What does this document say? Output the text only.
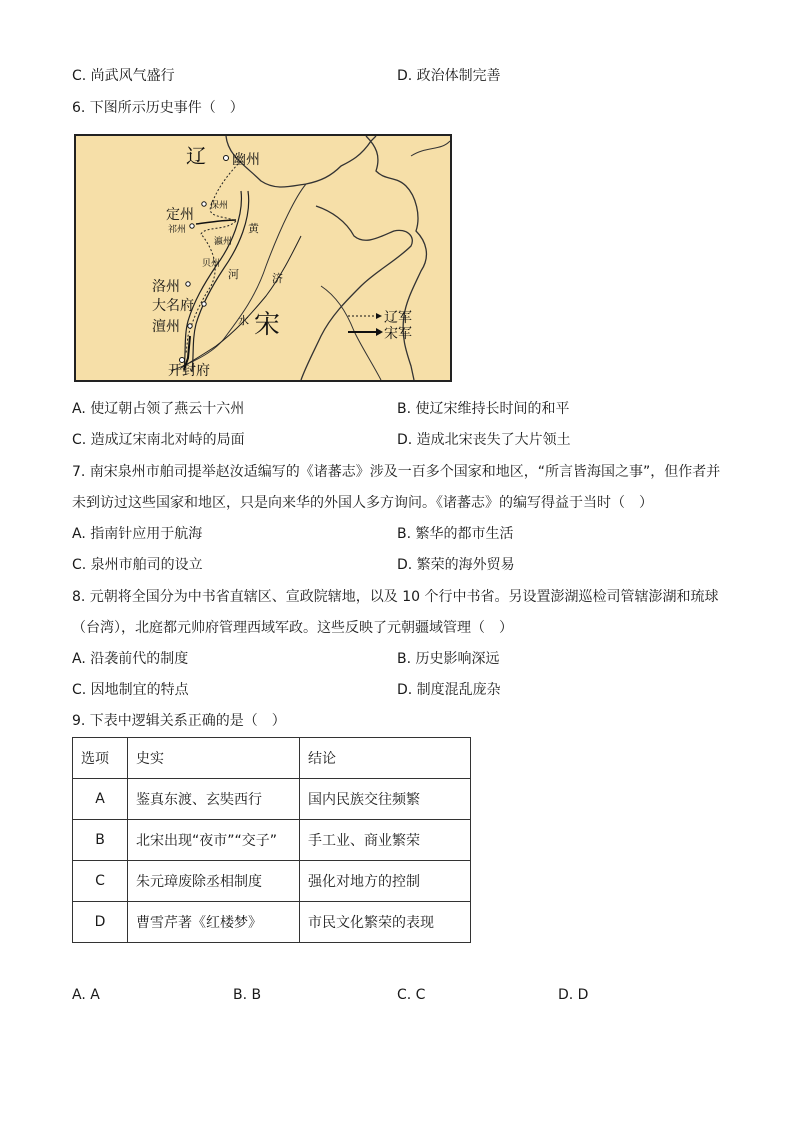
C. 尚武风气盛行	D. 政治体制完善
6. 下图所示历史事件（　）
辽 幽州
保州
定州
祁州
瀛州
黄
贝州
河	济
洛州
大名府
澶州	水 宋
开封府
辽军
宋军
A. 使辽朝占领了燕云十六州	B. 使辽宋维持长时间的和平
C. 造成辽宋南北对峙的局面	D. 造成北宋丧失了大片领土
7. 南宋泉州市舶司提举赵汝适编写的《诸蕃志》涉及一百多个国家和地区，“所言皆海国之事”，但作者并
未到访过这些国家和地区，只是向来华的外国人多方询问。《诸蕃志》的编写得益于当时（　）
A. 指南针应用于航海	B. 繁华的都市生活
C. 泉州市舶司的设立	D. 繁荣的海外贸易
8. 元朝将全国分为中书省直辖区、宣政院辖地，以及 10 个行中书省。另设置澎湖巡检司管辖澎湖和琉球
（台湾），北庭都元帅府管理西域军政。这些反映了元朝疆域管理（　）
A. 沿袭前代的制度	B. 历史影响深远
C. 因地制宜的特点	D. 制度混乱庞杂
9. 下表中逻辑关系正确的是（　）
选项	史实	结论
A	鉴真东渡、玄奘西行	国内民族交往频繁
B	北宋出现“夜市”“交子”	手工业、商业繁荣
C	朱元璋废除丞相制度	强化对地方的控制
D	曹雪芹著《红楼梦》	市民文化繁荣的表现
A. A	B. B	C. C	D. D
